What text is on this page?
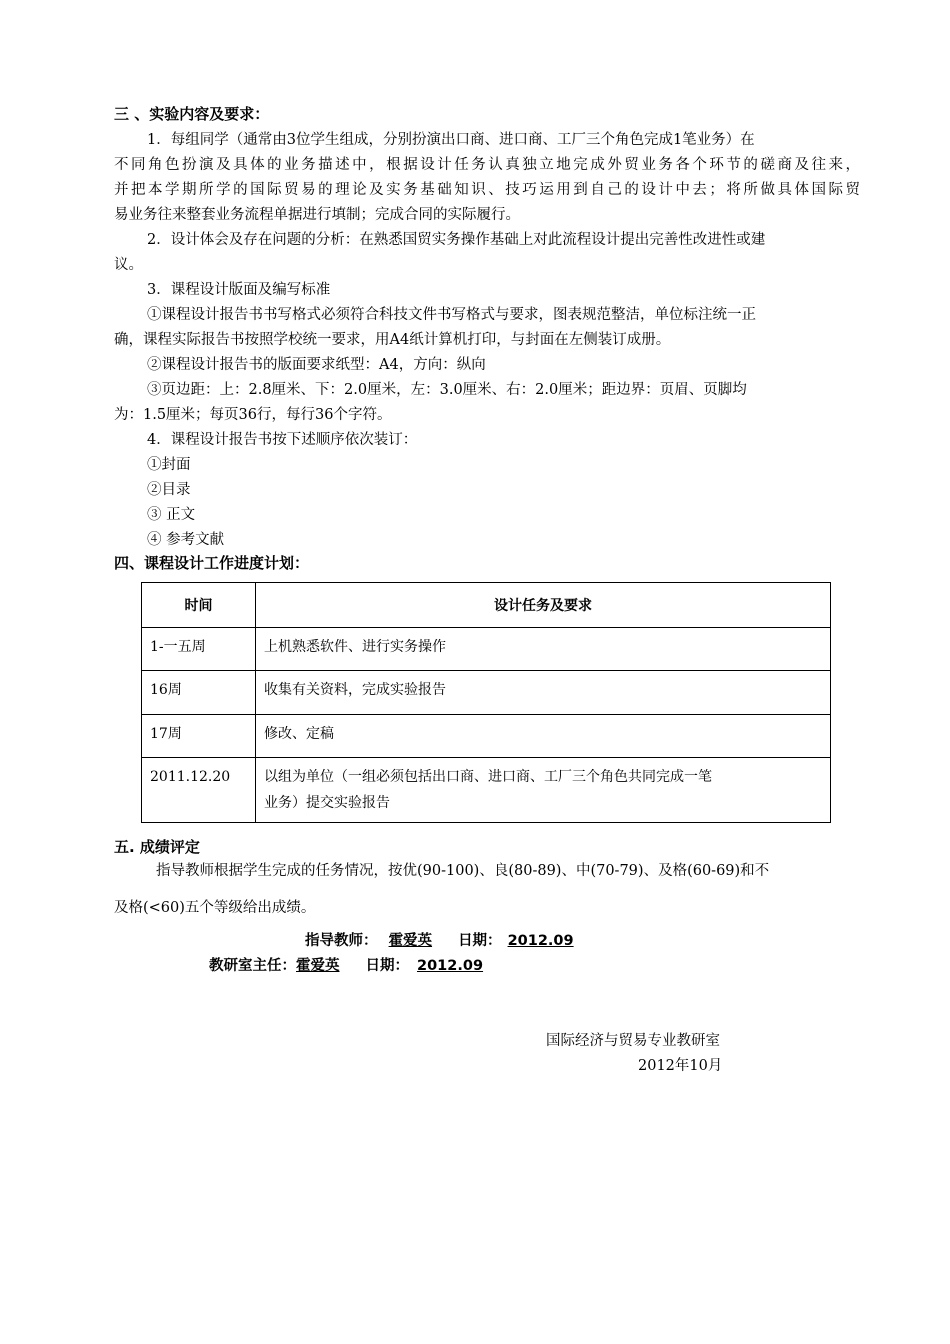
三 、实验内容及要求：
1．每组同学（通常由3位学生组成，分别扮演出口商、进口商、工厂三个角色完成1笔业务）在
不同角色扮演及具体的业务描述中，根据设计任务认真独立地完成外贸业务各个环节的磋商及往来，
并把本学期所学的国际贸易的理论及实务基础知识、技巧运用到自己的设计中去；将所做具体国际贸
易业务往来整套业务流程单据进行填制；完成合同的实际履行。
2．设计体会及存在问题的分析：在熟悉国贸实务操作基础上对此流程设计提出完善性改进性或建
议。
3．课程设计版面及编写标准
①课程设计报告书书写格式必须符合科技文件书写格式与要求，图表规范整洁，单位标注统一正
确，课程实际报告书按照学校统一要求，用A4纸计算机打印，与封面在左侧装订成册。
②课程设计报告书的版面要求纸型：A4，方向：纵向
③页边距：上：2.8厘米、下：2.0厘米，左：3.0厘米、右：2.0厘米；距边界：页眉、页脚均
为：1.5厘米；每页36行，每行36个字符。
4．课程设计报告书按下述顺序依次装订：
①封面
②目录
③ 正文
④ 参考文献
四、课程设计工作进度计划：
时间	设计任务及要求
1-一五周	上机熟悉软件、进行实务操作
16周	收集有关资料，完成实验报告
17周	修改、定稿
2011.12.20	以组为单位（一组必须包括出口商、进口商、工厂三个角色共同完成一笔
业务）提交实验报告
五. 成绩评定
指导教师根据学生完成的任务情况，按优(90-100)、良(80-89)、中(70-79)、及格(60-69)和不
及格(<60)五个等级给出成绩。
指导教师： 霍爱英 日期： 2012.09
教研室主任：霍爱英 日期： 2012.09
国际经济与贸易专业教研室
2012年10月
